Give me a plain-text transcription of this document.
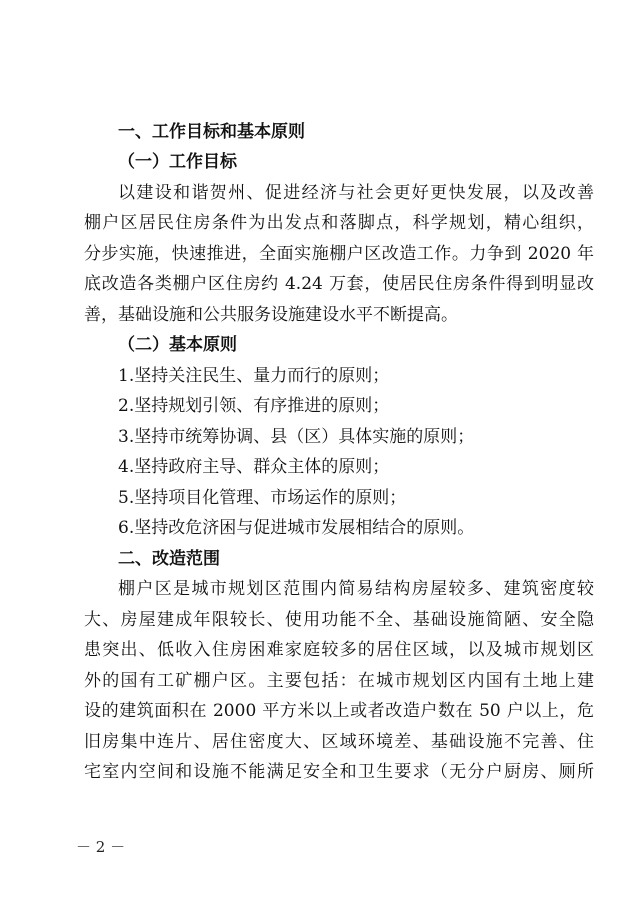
一、工作目标和基本原则
（一）工作目标
以建设和谐贺州、促进经济与社会更好更快发展，以及改善
棚户区居民住房条件为出发点和落脚点，科学规划，精心组织，
分步实施，快速推进，全面实施棚户区改造工作。力争到 2020 年
底改造各类棚户区住房约 4.24 万套，使居民住房条件得到明显改
善，基础设施和公共服务设施建设水平不断提高。
（二）基本原则
1.坚持关注民生、量力而行的原则；
2.坚持规划引领、有序推进的原则；
3.坚持市统筹协调、县（区）具体实施的原则；
4.坚持政府主导、群众主体的原则；
5.坚持项目化管理、市场运作的原则；
6.坚持改危济困与促进城市发展相结合的原则。
二、改造范围
棚户区是城市规划区范围内简易结构房屋较多、建筑密度较
大、房屋建成年限较长、使用功能不全、基础设施简陋、安全隐
患突出、低收入住房困难家庭较多的居住区域，以及城市规划区
外的国有工矿棚户区。主要包括：在城市规划区内国有土地上建
设的建筑面积在 2000 平方米以上或者改造户数在 50 户以上，危
旧房集中连片、居住密度大、区域环境差、基础设施不完善、住
宅室内空间和设施不能满足安全和卫生要求（无分户厨房、厕所
－ 2 －
